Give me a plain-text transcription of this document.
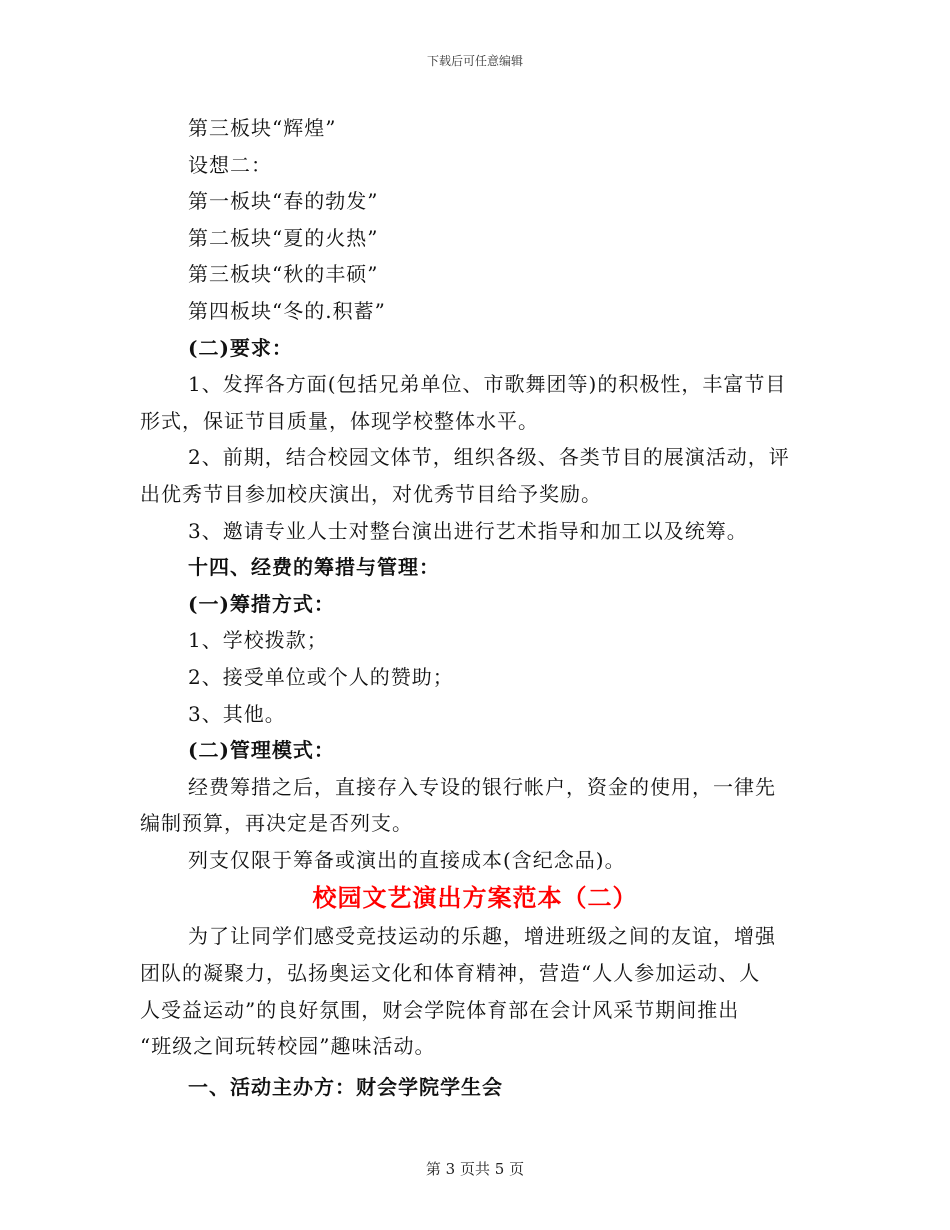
下载后可任意编辑

第三板块“辉煌”

设想二：

第一板块“春的勃发”

第二板块“夏的火热”

第三板块“秋的丰硕”

第四板块“冬的.积蓄”

(二)要求：

1、发挥各方面(包括兄弟单位、市歌舞团等)的积极性，丰富节目

形式，保证节目质量，体现学校整体水平。

2、前期，结合校园文体节，组织各级、各类节目的展演活动，评

出优秀节目参加校庆演出，对优秀节目给予奖励。

3、邀请专业人士对整台演出进行艺术指导和加工以及统筹。

十四、经费的筹措与管理：

(一)筹措方式：

1、学校拨款；

2、接受单位或个人的赞助；

3、其他。

(二)管理模式：

经费筹措之后，直接存入专设的银行帐户，资金的使用，一律先

编制预算，再决定是否列支。

列支仅限于筹备或演出的直接成本(含纪念品)。

校园文艺演出方案范本（二）

为了让同学们感受竞技运动的乐趣，增进班级之间的友谊，增强

团队的凝聚力，弘扬奥运文化和体育精神，营造“人人参加运动、人

人受益运动”的良好氛围，财会学院体育部在会计风采节期间推出

“班级之间玩转校园”趣味活动。

一、活动主办方：财会学院学生会

第 3 页共 5 页
